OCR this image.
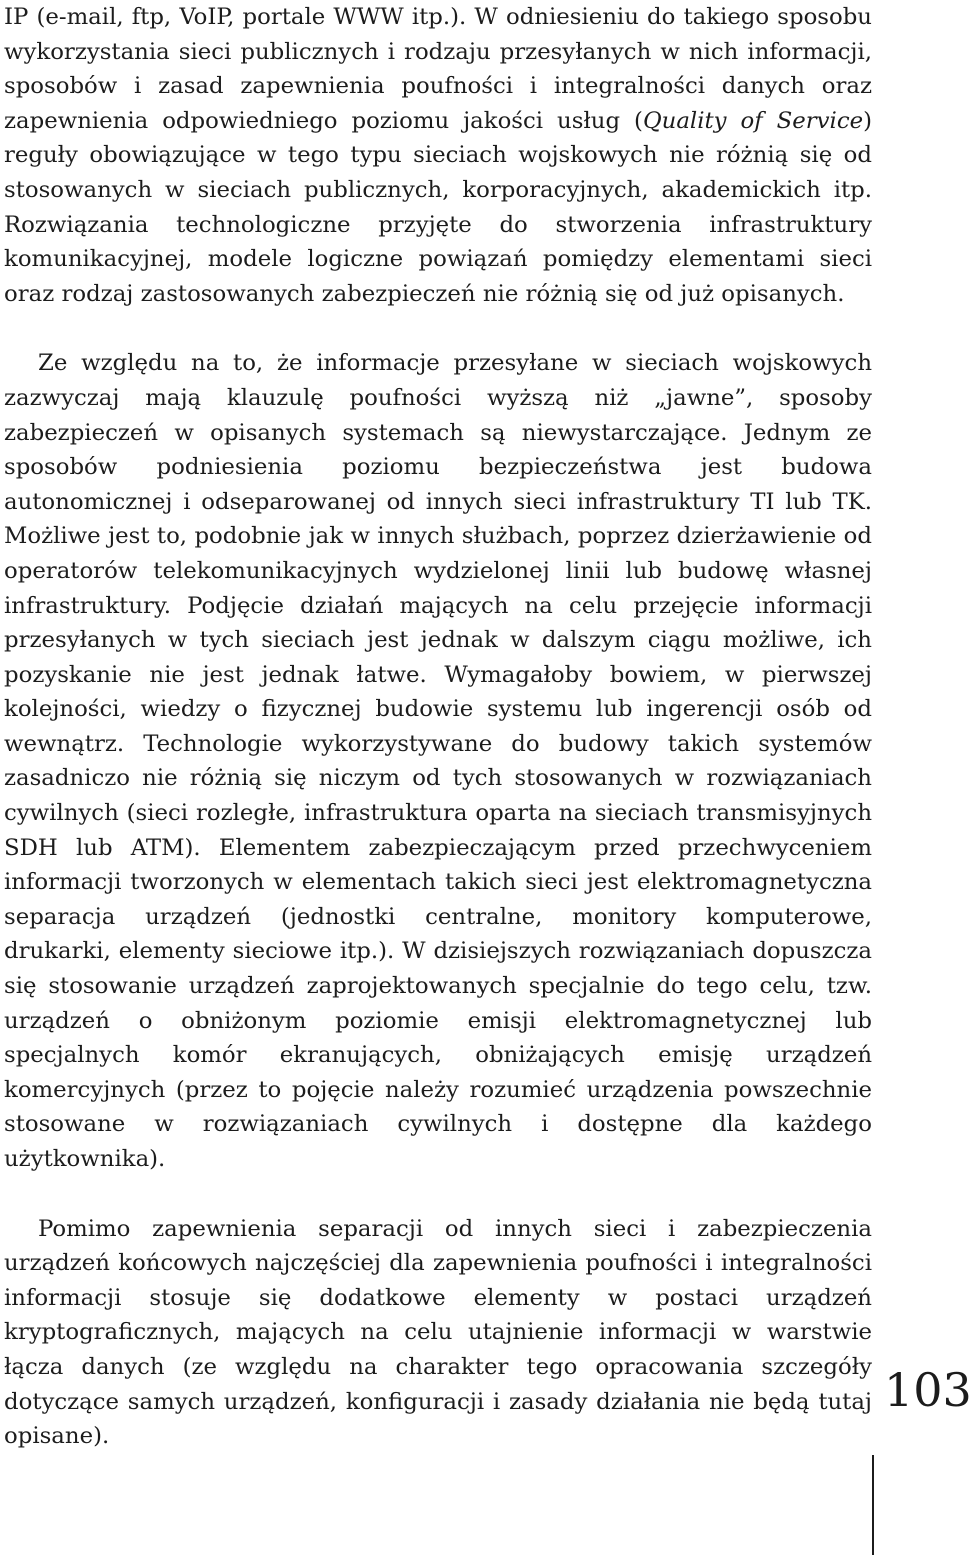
IP (e-mail, ftp, VoIP, portale WWW itp.). W odniesieniu do takiego sposobu wykorzystania sieci publicznych i rodzaju przesyłanych w nich informacji, sposobów i zasad zapewnienia poufności i integralności danych oraz zapewnienia odpowiedniego poziomu jakości usług (Quality of Service) reguły obowiązujące w tego typu sieciach wojskowych nie różnią się od stosowanych w sieciach publicznych, korporacyjnych, akademickich itp. Rozwiązania technologiczne przyjęte do stworzenia infrastruktury komunikacyjnej, modele logiczne powiązań pomiędzy elementami sieci oraz rodzaj zastosowanych zabezpieczeń nie różnią się od już opisanych.

Ze względu na to, że informacje przesyłane w sieciach wojskowych zazwyczaj mają klauzulę poufności wyższą niż „jawne”, sposoby zabezpieczeń w opisanych systemach są niewystarczające. Jednym ze sposobów podniesienia poziomu bezpieczeństwa jest budowa autonomicznej i odseparowanej od innych sieci infrastruktury TI lub TK. Możliwe jest to, podobnie jak w innych służbach, poprzez dzierżawienie od operatorów telekomunikacyjnych wydzielonej linii lub budowę własnej infrastruktury. Podjęcie działań mających na celu przejęcie informacji przesyłanych w tych sieciach jest jednak w dalszym ciągu możliwe, ich pozyskanie nie jest jednak łatwe. Wymagałoby bowiem, w pierwszej kolejności, wiedzy o fizycznej budowie systemu lub ingerencji osób od wewnątrz. Technologie wykorzystywane do budowy takich systemów zasadniczo nie różnią się niczym od tych stosowanych w rozwiązaniach cywilnych (sieci rozległe, infrastruktura oparta na sieciach transmisyjnych SDH lub ATM). Elementem zabezpieczającym przed przechwyceniem informacji tworzonych w elementach takich sieci jest elektromagnetyczna separacja urządzeń (jednostki centralne, monitory komputerowe, drukarki, elementy sieciowe itp.). W dzisiejszych rozwiązaniach dopuszcza się stosowanie urządzeń zaprojektowanych specjalnie do tego celu, tzw. urządzeń o obniżonym poziomie emisji elektromagnetycznej lub specjalnych komór ekranujących, obniżających emisję urządzeń komercyjnych (przez to pojęcie należy rozumieć urządzenia powszechnie stosowane w rozwiązaniach cywilnych i dostępne dla każdego użytkownika).

Pomimo zapewnienia separacji od innych sieci i zabezpieczenia urządzeń końcowych najczęściej dla zapewnienia poufności i integralności informacji stosuje się dodatkowe elementy w postaci urządzeń kryptograficznych, mających na celu utajnienie informacji w warstwie łącza danych (ze względu na charakter tego opracowania szczegóły dotyczące samych urządzeń, konfiguracji i zasady działania nie będą tutaj opisane).

103
